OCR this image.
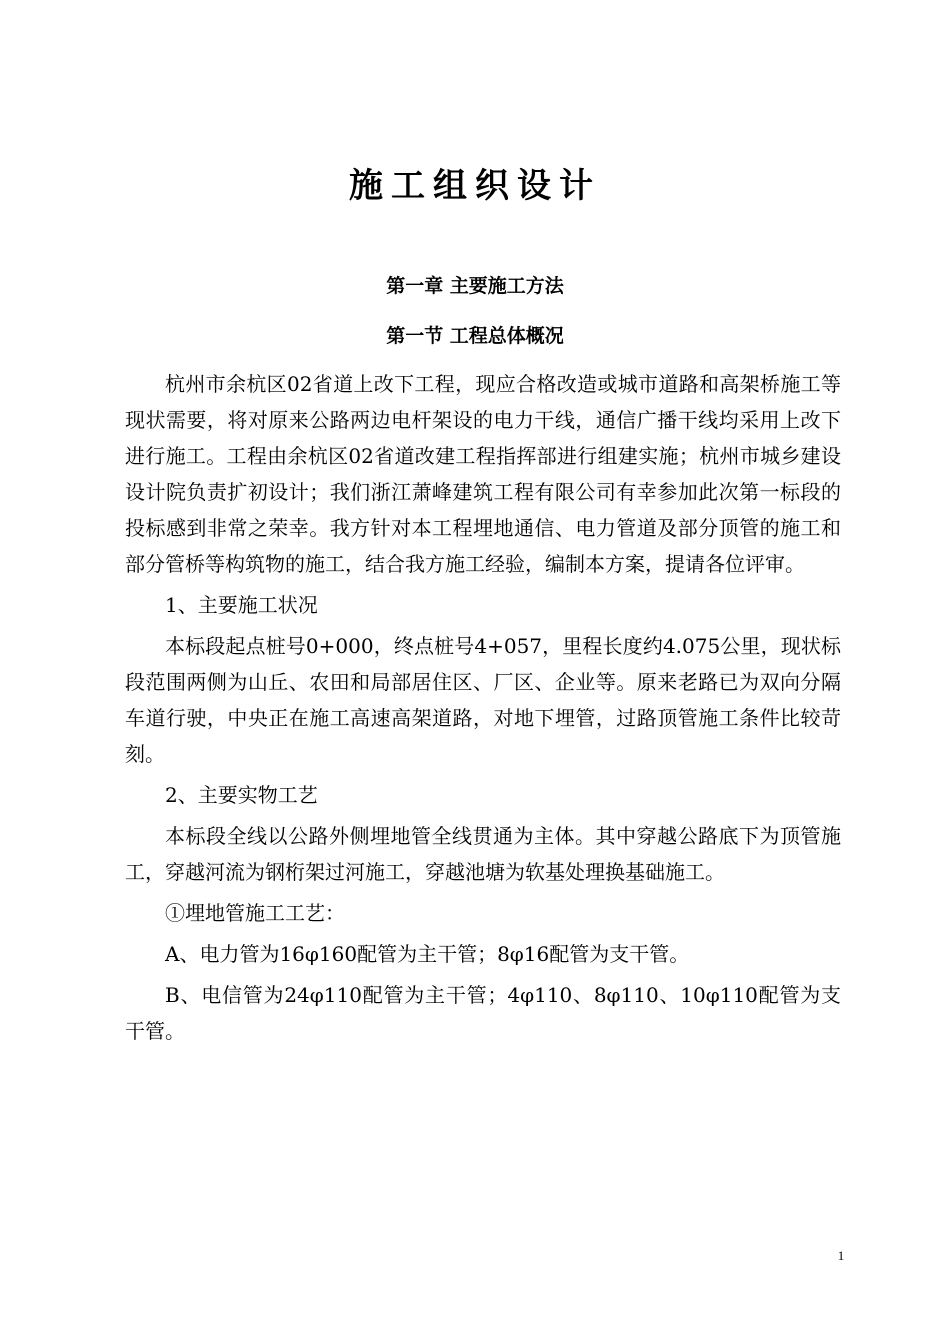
施工组织设计
第一章 主要施工方法
第一节 工程总体概况

杭州市余杭区02省道上改下工程，现应合格改造或城市道路和高架桥施工等现状需要，将对原来公路两边电杆架设的电力干线，通信广播干线均采用上改下进行施工。工程由余杭区02省道改建工程指挥部进行组建实施；杭州市城乡建设设计院负责扩初设计；我们浙江萧峰建筑工程有限公司有幸参加此次第一标段的投标感到非常之荣幸。我方针对本工程埋地通信、电力管道及部分顶管的施工和部分管桥等构筑物的施工，结合我方施工经验，编制本方案，提请各位评审。

1、主要施工状况

本标段起点桩号0+000，终点桩号4+057，里程长度约4.075公里，现状标段范围两侧为山丘、农田和局部居住区、厂区、企业等。原来老路已为双向分隔车道行驶，中央正在施工高速高架道路，对地下埋管，过路顶管施工条件比较苛刻。

2、主要实物工艺

本标段全线以公路外侧埋地管全线贯通为主体。其中穿越公路底下为顶管施工，穿越河流为钢桁架过河施工，穿越池塘为软基处理换基础施工。

①埋地管施工工艺：

A、电力管为16φ160配管为主干管；8φ16配管为支干管。

B、电信管为24φ110配管为主干管；4φ110、8φ110、10φ110配管为支干管。

1
